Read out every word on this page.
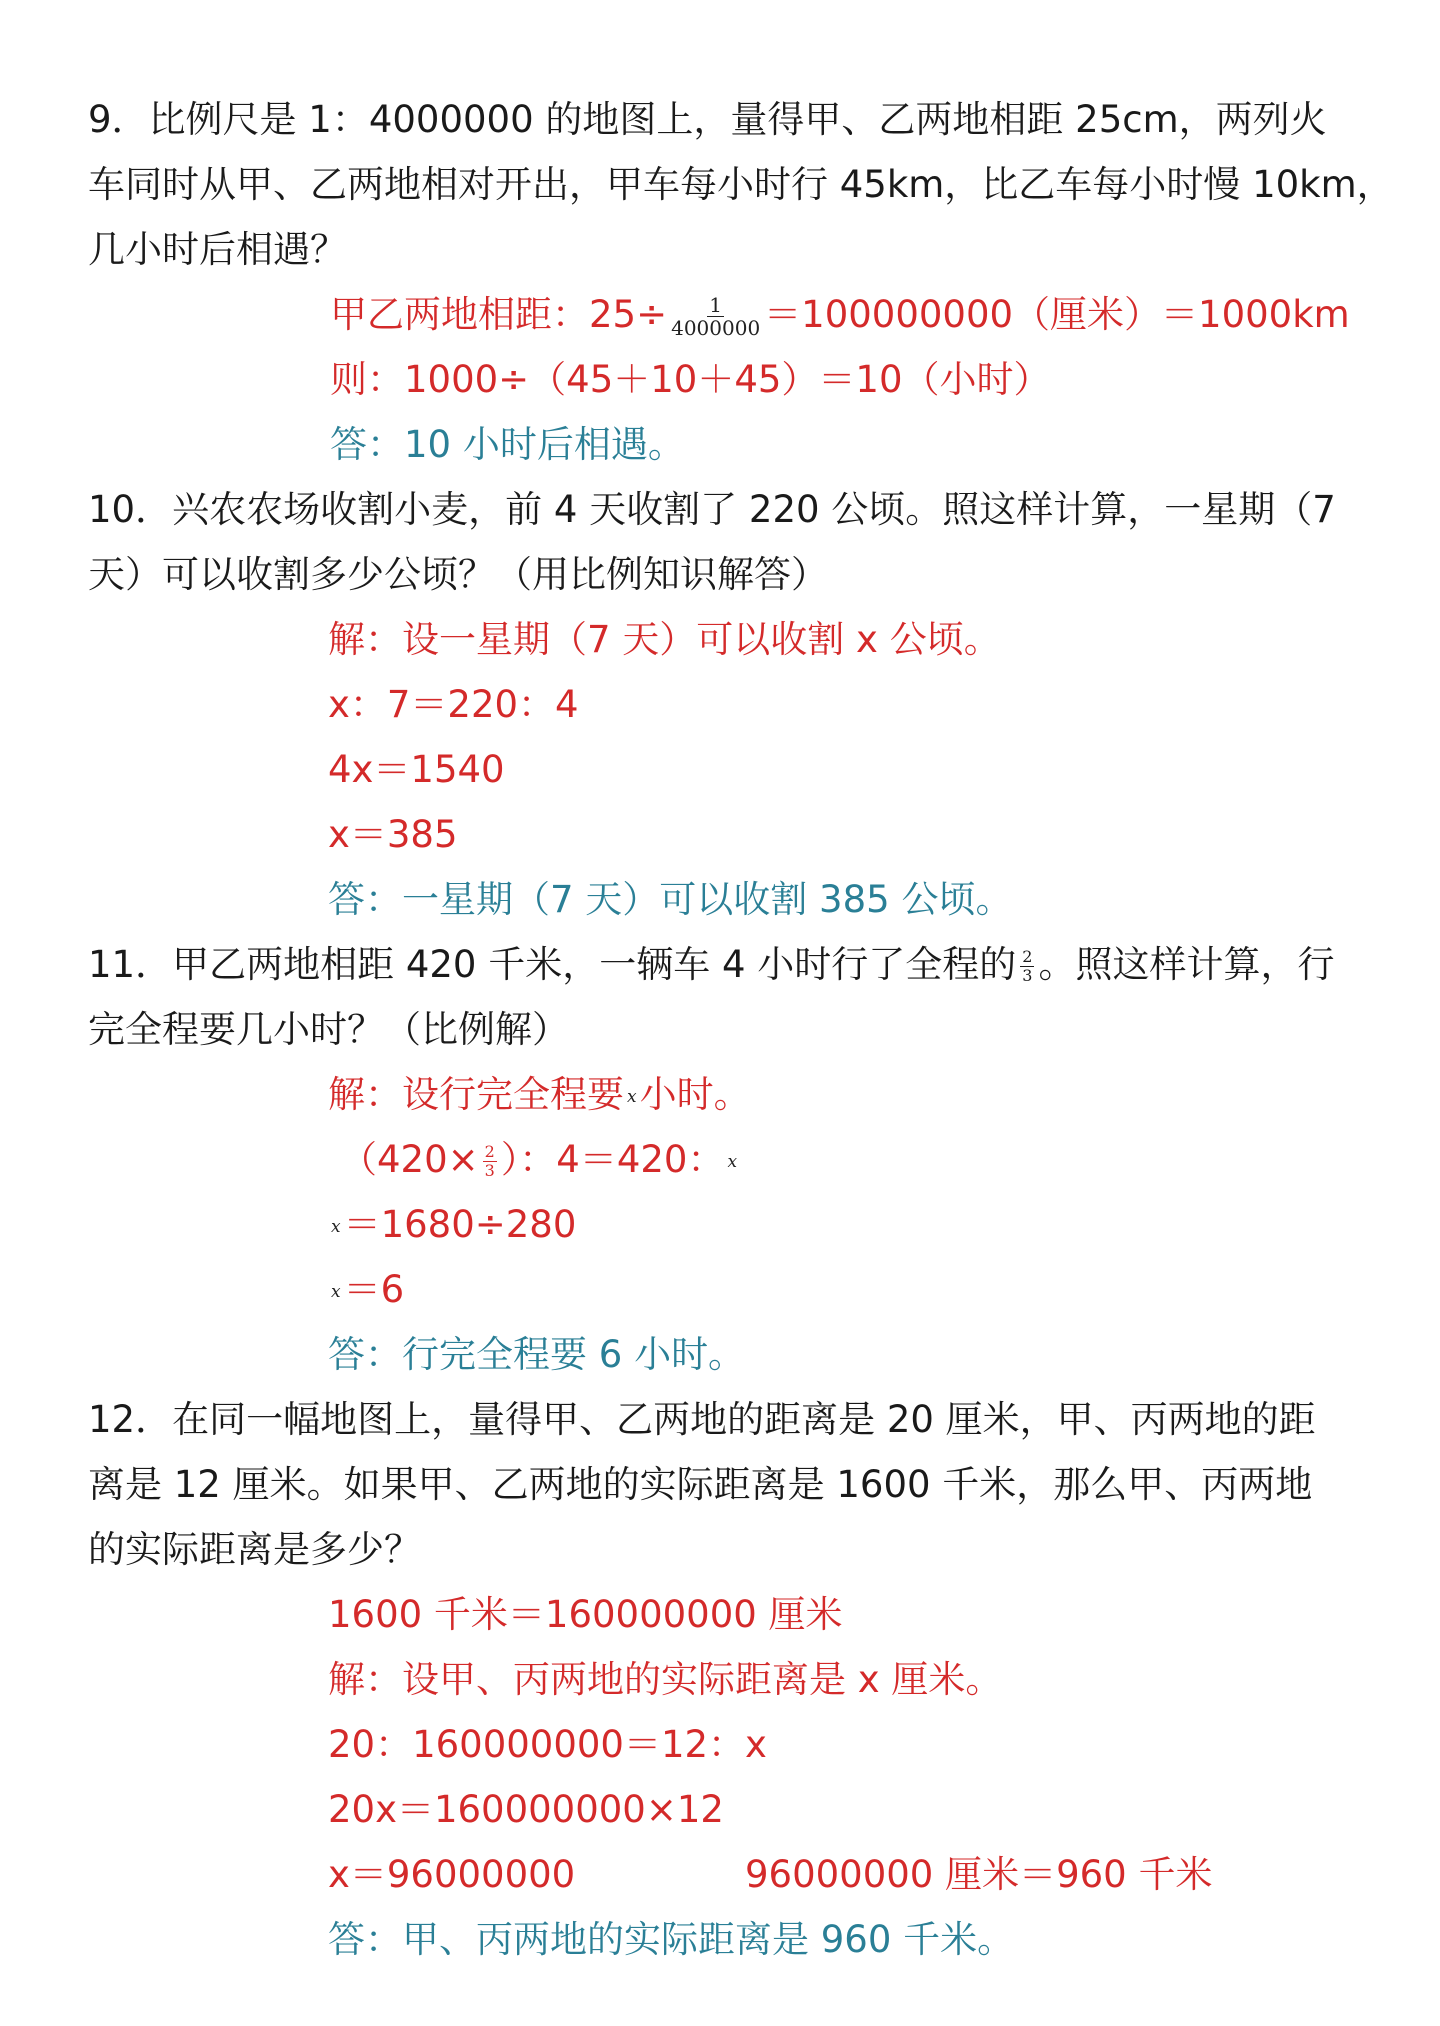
9．比例尺是 1：4000000 的地图上，量得甲、乙两地相距 25cm，两列火
车同时从甲、乙两地相对开出，甲车每小时行 45km，比乙车每小时慢 10km，
几小时后相遇？
甲乙两地相距：$25\div \frac{1}{4000000} =100000000$（厘米）＝1000km
则：1000÷（45＋10＋45）＝10（小时）
答：10 小时后相遇。
10．兴农农场收割小麦，前 4 天收割了 220 公顷。照这样计算，一星期（7
天）可以收割多少公顷？（用比例知识解答）
解：设一星期（7 天）可以收割 x 公顷。
x：7＝220：4
4x＝1540
x＝385
答：一星期（7 天）可以收割 385 公顷。
11．甲乙两地相距 420 千米，一辆车 4 小时行了全程的 $\frac{2}{3}$ 。照这样计算，行
完全程要几小时？（比例解）
解：设行完全程要 x小时。
（$420\times \frac{2}{3}$ ）：4＝420： x
x＝1680÷280
x＝6
答：行完全程要 6 小时。
12．在同一幅地图上，量得甲、乙两地的距离是 20 厘米，甲、丙两地的距
离是 12 厘米。如果甲、乙两地的实际距离是 1600 千米，那么甲、丙两地
的实际距离是多少？
1600 千米＝160000000 厘米
解：设甲、丙两地的实际距离是 x 厘米。
20：160000000＝12：x
20x＝160000000×12
x＝96000000	96000000 厘米＝960 千米
答：甲、丙两地的实际距离是 960 千米。
